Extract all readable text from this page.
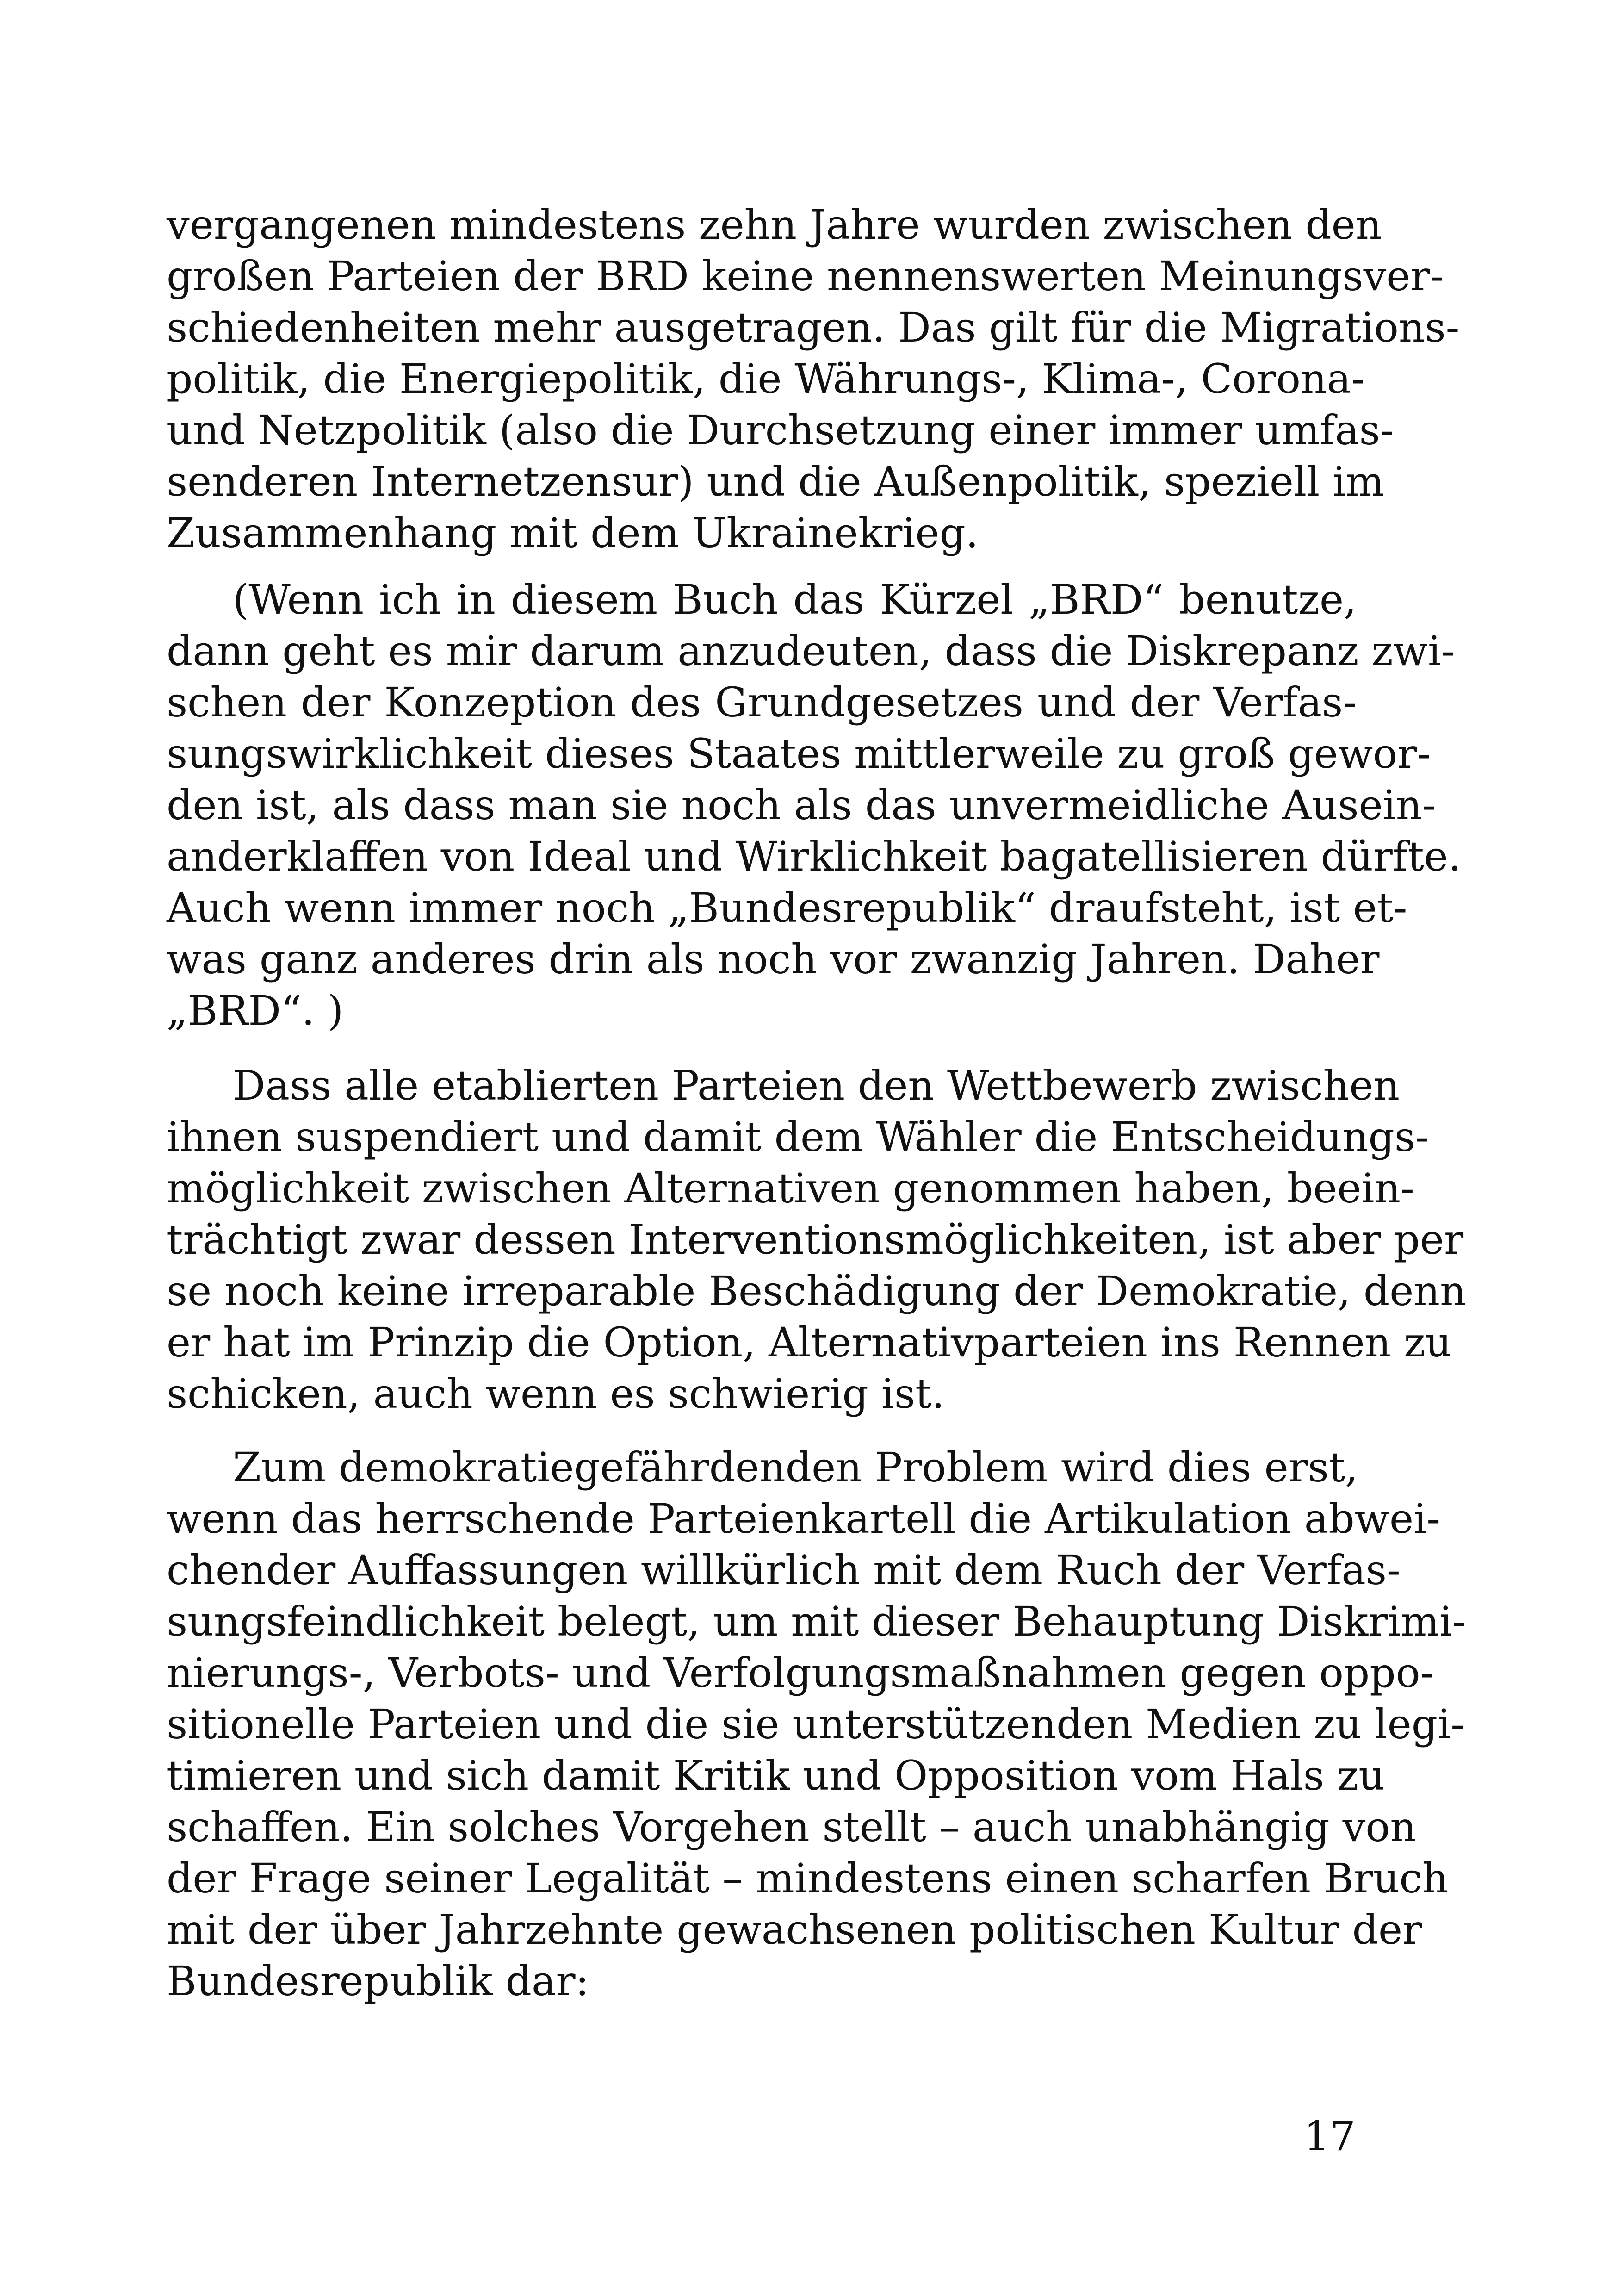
vergangenen mindestens zehn Jahre wurden zwischen den
großen Parteien der BRD keine nennenswerten Meinungsver-
schiedenheiten mehr ausgetragen. Das gilt für die Migrations-
politik, die Energiepolitik, die Währungs-, Klima-, Corona-
und Netzpolitik (also die Durchsetzung einer immer umfas-
senderen Internetzensur) und die Außenpolitik, speziell im
Zusammenhang mit dem Ukrainekrieg.
(Wenn ich in diesem Buch das Kürzel „BRD“ benutze,
dann geht es mir darum anzudeuten, dass die Diskrepanz zwi-
schen der Konzeption des Grundgesetzes und der Verfas-
sungswirklichkeit dieses Staates mittlerweile zu groß gewor-
den ist, als dass man sie noch als das unvermeidliche Ausein-
anderklaffen von Ideal und Wirklichkeit bagatellisieren dürfte.
Auch wenn immer noch „Bundesrepublik“ draufsteht, ist et-
was ganz anderes drin als noch vor zwanzig Jahren. Daher
„BRD“. )
Dass alle etablierten Parteien den Wettbewerb zwischen
ihnen suspendiert und damit dem Wähler die Entscheidungs-
möglichkeit zwischen Alternativen genommen haben, beein-
trächtigt zwar dessen Interventionsmöglichkeiten, ist aber per
se noch keine irreparable Beschädigung der Demokratie, denn
er hat im Prinzip die Option, Alternativparteien ins Rennen zu
schicken, auch wenn es schwierig ist.
Zum demokratiegefährdenden Problem wird dies erst,
wenn das herrschende Parteienkartell die Artikulation abwei-
chender Auffassungen willkürlich mit dem Ruch der Verfas-
sungsfeindlichkeit belegt, um mit dieser Behauptung Diskrimi-
nierungs-, Verbots- und Verfolgungsmaßnahmen gegen oppo-
sitionelle Parteien und die sie unterstützenden Medien zu legi-
timieren und sich damit Kritik und Opposition vom Hals zu
schaffen. Ein solches Vorgehen stellt – auch unabhängig von
der Frage seiner Legalität – mindestens einen scharfen Bruch
mit der über Jahrzehnte gewachsenen politischen Kultur der
Bundesrepublik dar:
17
